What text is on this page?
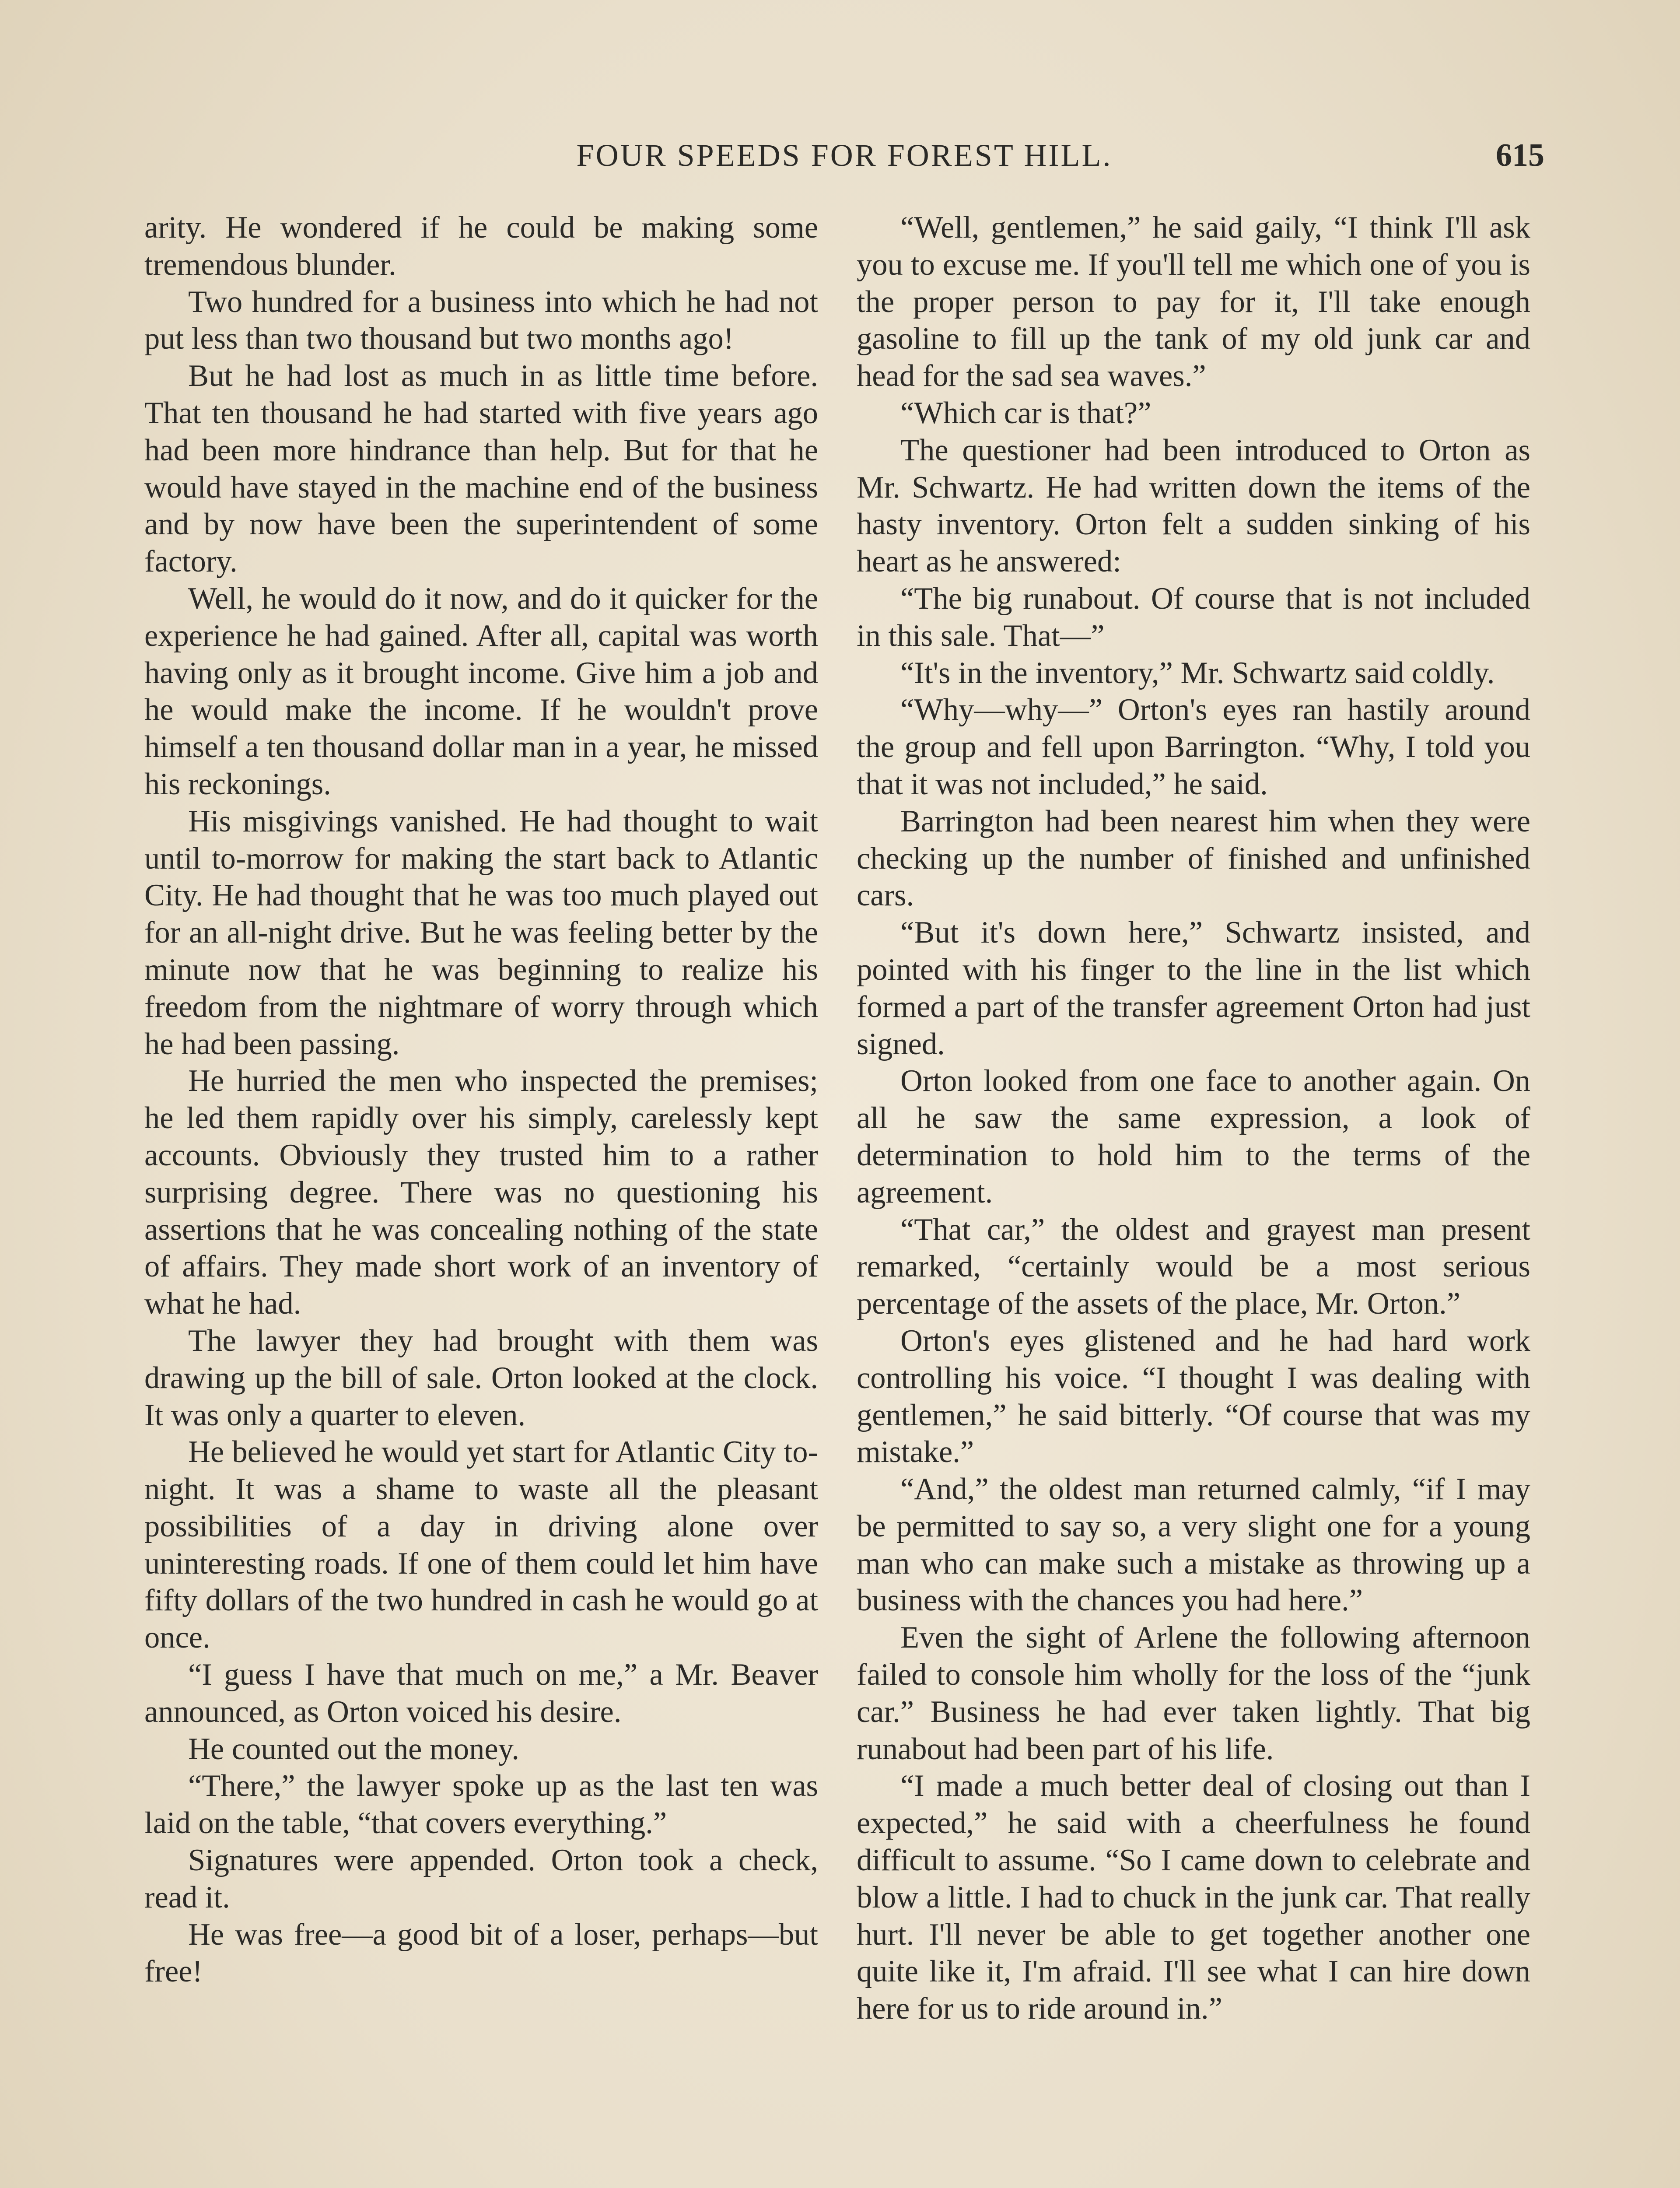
FOUR SPEEDS FOR FOREST HILL.	615

arity. He wondered if he could be making some tremendous blunder.

Two hundred for a business into which he had not put less than two thousand but two months ago!

But he had lost as much in as little time before. That ten thousand he had started with five years ago had been more hindrance than help. But for that he would have stayed in the machine end of the business and by now have been the superintendent of some factory.

Well, he would do it now, and do it quicker for the experience he had gained. After all, capital was worth having only as it brought income. Give him a job and he would make the income. If he wouldn't prove himself a ten thousand dollar man in a year, he missed his reckonings.

His misgivings vanished. He had thought to wait until to-morrow for making the start back to Atlantic City. He had thought that he was too much played out for an all-night drive. But he was feeling better by the minute now that he was beginning to realize his freedom from the nightmare of worry through which he had been passing.

He hurried the men who inspected the premises; he led them rapidly over his simply, carelessly kept accounts. Obviously they trusted him to a rather surprising degree. There was no questioning his assertions that he was concealing nothing of the state of affairs. They made short work of an inventory of what he had.

The lawyer they had brought with them was drawing up the bill of sale. Orton looked at the clock. It was only a quarter to eleven.

He believed he would yet start for Atlantic City to-night. It was a shame to waste all the pleasant possibilities of a day in driving alone over uninteresting roads. If one of them could let him have fifty dollars of the two hundred in cash he would go at once.

“I guess I have that much on me,” a Mr. Beaver announced, as Orton voiced his desire.

He counted out the money.

“There,” the lawyer spoke up as the last ten was laid on the table, “that covers everything.”

Signatures were appended. Orton took a check, read it.

He was free—a good bit of a loser, perhaps—but free!

“Well, gentlemen,” he said gaily, “I think I'll ask you to excuse me. If you'll tell me which one of you is the proper person to pay for it, I'll take enough gasoline to fill up the tank of my old junk car and head for the sad sea waves.”

“Which car is that?”

The questioner had been introduced to Orton as Mr. Schwartz. He had written down the items of the hasty inventory. Orton felt a sudden sinking of his heart as he answered:

“The big runabout. Of course that is not included in this sale. That—”

“It's in the inventory,” Mr. Schwartz said coldly.

“Why—why—” Orton's eyes ran hastily around the group and fell upon Barrington. “Why, I told you that it was not included,” he said.

Barrington had been nearest him when they were checking up the number of finished and unfinished cars.

“But it's down here,” Schwartz insisted, and pointed with his finger to the line in the list which formed a part of the transfer agreement Orton had just signed.

Orton looked from one face to another again. On all he saw the same expression, a look of determination to hold him to the terms of the agreement.

“That car,” the oldest and grayest man present remarked, “certainly would be a most serious percentage of the assets of the place, Mr. Orton.”

Orton's eyes glistened and he had hard work controlling his voice. “I thought I was dealing with gentlemen,” he said bitterly. “Of course that was my mistake.”

“And,” the oldest man returned calmly, “if I may be permitted to say so, a very slight one for a young man who can make such a mistake as throwing up a business with the chances you had here.”

Even the sight of Arlene the following afternoon failed to console him wholly for the loss of the “junk car.” Business he had ever taken lightly. That big runabout had been part of his life.

“I made a much better deal of closing out than I expected,” he said with a cheerfulness he found difficult to assume. “So I came down to celebrate and blow a little. I had to chuck in the junk car. That really hurt. I'll never be able to get together another one quite like it, I'm afraid. I'll see what I can hire down here for us to ride around in.”
